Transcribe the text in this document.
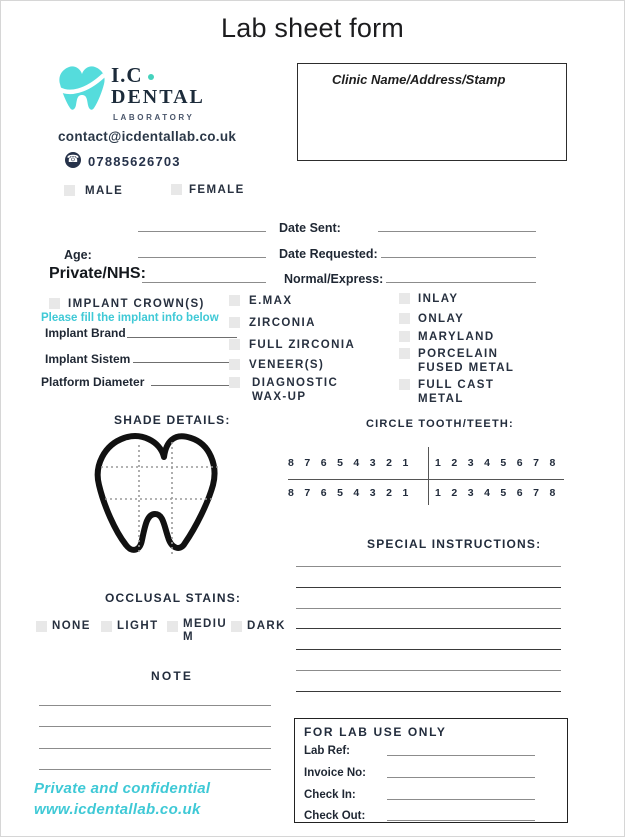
Lab sheet form
I.C
DENTAL
LABORATORY
contact@icdentallab.co.uk
☎ 07885626703
Clinic Name/Address/Stamp
MALE	FEMALE
Date Sent:
Age:	Date Requested:
Private/NHS:	Normal/Express:
IMPLANT CROWN(S)
Please fill the implant info below
Implant Brand
Implant Sistem
Platform Diameter
E.MAX
ZIRCONIA
FULL ZIRCONIA
VENEER(S)
DIAGNOSTIC WAX-UP
INLAY
ONLAY
MARYLAND
PORCELAIN FUSED METAL
FULL CAST METAL
SHADE DETAILS:	CIRCLE TOOTH/TEETH:
8 7 6 5 4 3 2 1	1 2 3 4 5 6 7 8
8 7 6 5 4 3 2 1	1 2 3 4 5 6 7 8
SPECIAL INSTRUCTIONS:
OCCLUSAL STAINS:
NONE LIGHT MEDIUM
DARK
NOTE
FOR LAB USE ONLY
Lab Ref:
Invoice No:
Check In:
Check Out:
Private and confidential
www.icdentallab.co.uk
